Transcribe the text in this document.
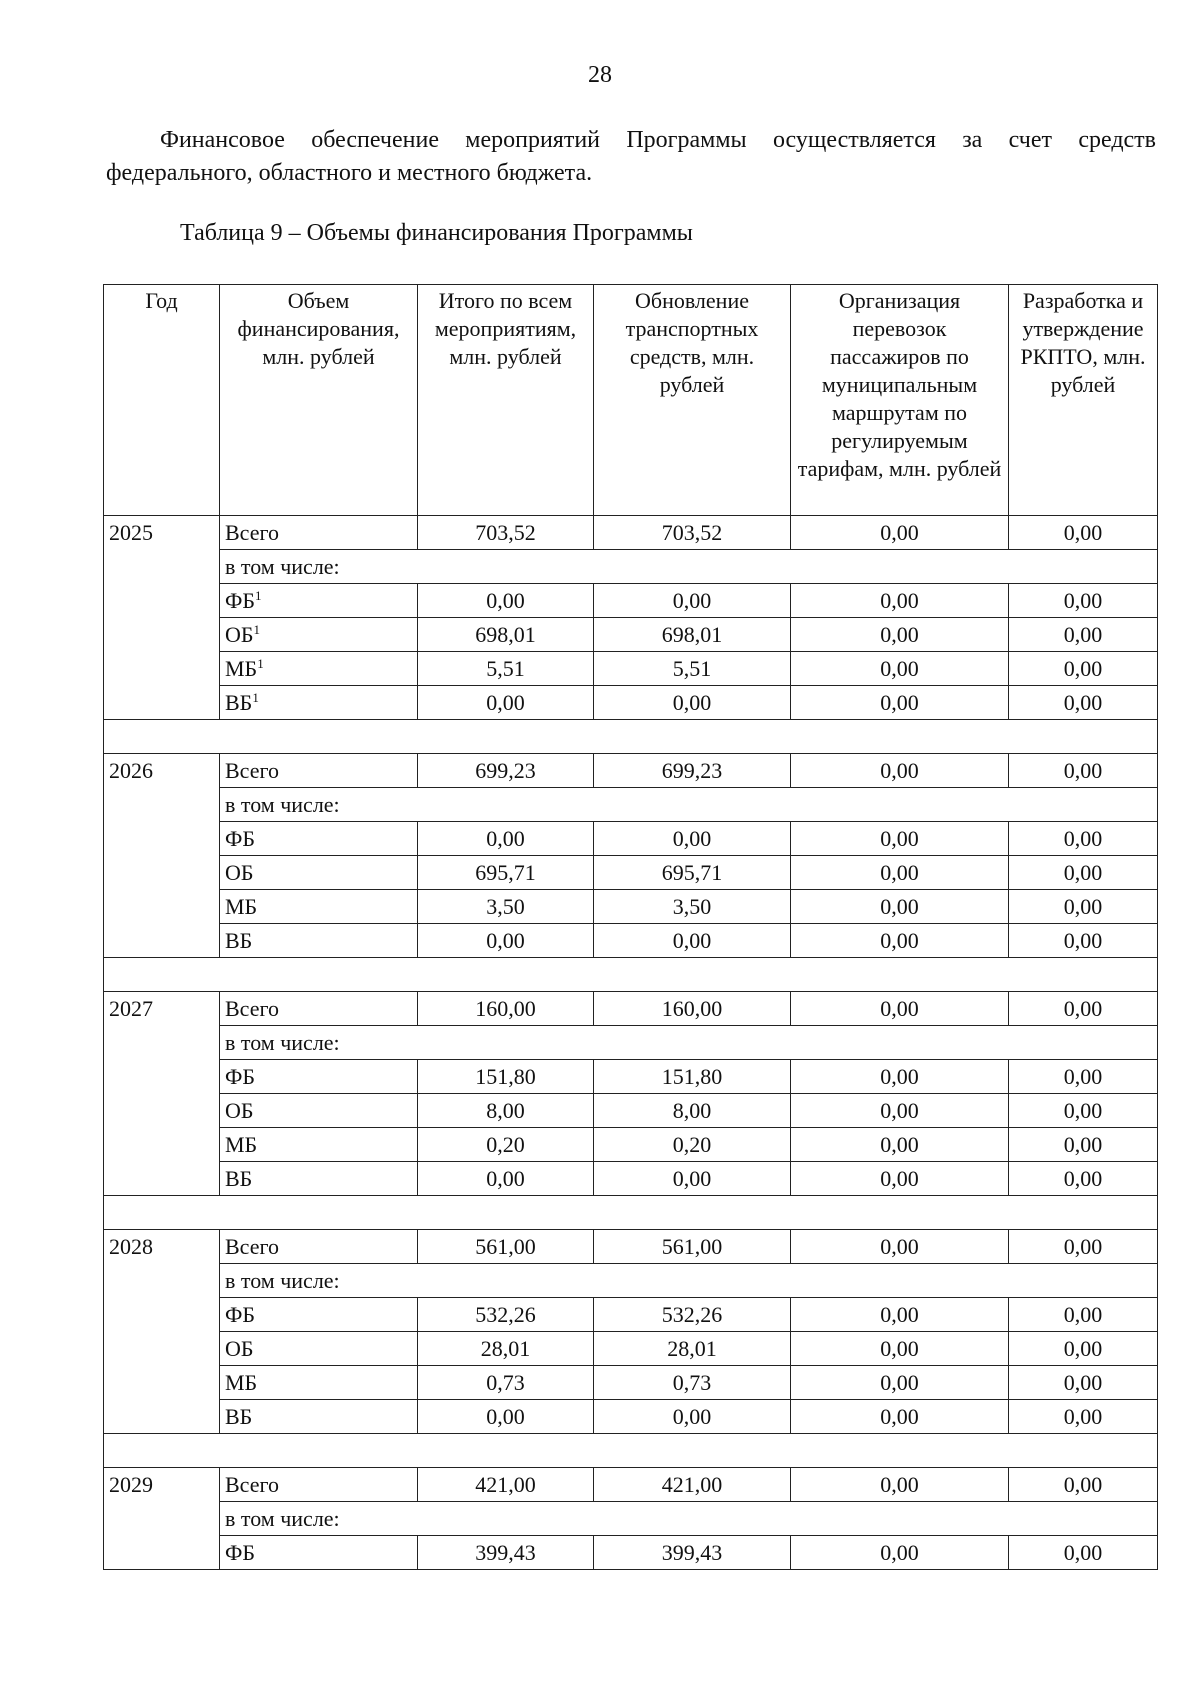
28

Финансовое обеспечение мероприятий Программы осуществляется за счет средств федерального, областного и местного бюджета.

Таблица 9 – Объемы финансирования Программы

Год	Объем финансирования, млн. рублей	Итого по всем мероприятиям, млн. рублей	Обновление транспортных средств, млн. рублей	Организация перевозок пассажиров по муниципальным маршрутам по регулируемым тарифам, млн. рублей	Разработка и утверждение РКПТО, млн. рублей
2025	Всего	703,52	703,52	0,00	0,00
	в том числе:				
	$ФБ^1$	0,00	0,00	0,00	0,00
	$ОБ^1$	698,01	698,01	0,00	0,00
	$МБ^1$	5,51	5,51	0,00	0,00
	$ВБ^1$	0,00	0,00	0,00	0,00

2026	Всего	699,23	699,23	0,00	0,00
	в том числе:				
	ФБ	0,00	0,00	0,00	0,00
	ОБ	695,71	695,71	0,00	0,00
	МБ	3,50	3,50	0,00	0,00
	ВБ	0,00	0,00	0,00	0,00

2027	Всего	160,00	160,00	0,00	0,00
	в том числе:				
	ФБ	151,80	151,80	0,00	0,00
	ОБ	8,00	8,00	0,00	0,00
	МБ	0,20	0,20	0,00	0,00
	ВБ	0,00	0,00	0,00	0,00

2028	Всего	561,00	561,00	0,00	0,00
	в том числе:				
	ФБ	532,26	532,26	0,00	0,00
	ОБ	28,01	28,01	0,00	0,00
	МБ	0,73	0,73	0,00	0,00
	ВБ	0,00	0,00	0,00	0,00

2029	Всего	421,00	421,00	0,00	0,00
	в том числе:				
	ФБ	399,43	399,43	0,00	0,00
